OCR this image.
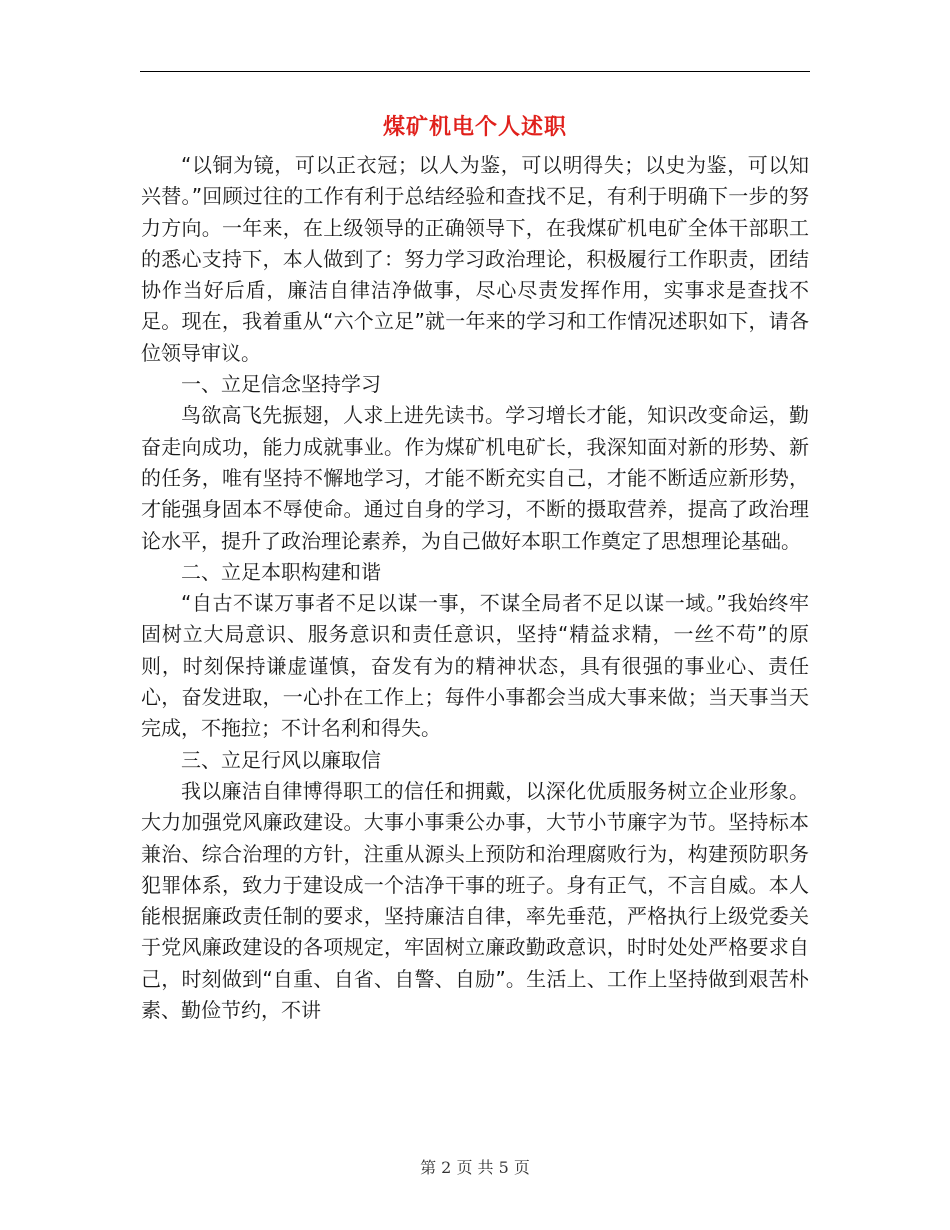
煤矿机电个人述职

“以铜为镜，可以正衣冠；以人为鉴，可以明得失；以史为鉴，可以知兴替。”回顾过往的工作有利于总结经验和查找不足，有利于明确下一步的努力方向。一年来，在上级领导的正确领导下，在我煤矿机电矿全体干部职工的悉心支持下，本人做到了：努力学习政治理论，积极履行工作职责，团结协作当好后盾，廉洁自律洁净做事，尽心尽责发挥作用，实事求是查找不足。现在，我着重从“六个立足”就一年来的学习和工作情况述职如下，请各位领导审议。

一、立足信念坚持学习

鸟欲高飞先振翅，人求上进先读书。学习增长才能，知识改变命运，勤奋走向成功，能力成就事业。作为煤矿机电矿长，我深知面对新的形势、新的任务，唯有坚持不懈地学习，才能不断充实自己，才能不断适应新形势，才能强身固本不辱使命。通过自身的学习，不断的摄取营养，提高了政治理论水平，提升了政治理论素养，为自己做好本职工作奠定了思想理论基础。

二、立足本职构建和谐

“自古不谋万事者不足以谋一事，不谋全局者不足以谋一域。”我始终牢固树立大局意识、服务意识和责任意识，坚持“精益求精，一丝不苟”的原则，时刻保持谦虚谨慎，奋发有为的精神状态，具有很强的事业心、责任心，奋发进取，一心扑在工作上；每件小事都会当成大事来做；当天事当天完成，不拖拉；不计名利和得失。

三、立足行风以廉取信

我以廉洁自律博得职工的信任和拥戴，以深化优质服务树立企业形象。大力加强党风廉政建设。大事小事秉公办事，大节小节廉字为节。坚持标本兼治、综合治理的方针，注重从源头上预防和治理腐败行为，构建预防职务犯罪体系，致力于建设成一个洁净干事的班子。身有正气，不言自威。本人能根据廉政责任制的要求，坚持廉洁自律，率先垂范，严格执行上级党委关于党风廉政建设的各项规定，牢固树立廉政勤政意识，时时处处严格要求自己，时刻做到“自重、自省、自警、自励”。生活上、工作上坚持做到艰苦朴素、勤俭节约，不讲

第 2 页 共 5 页
